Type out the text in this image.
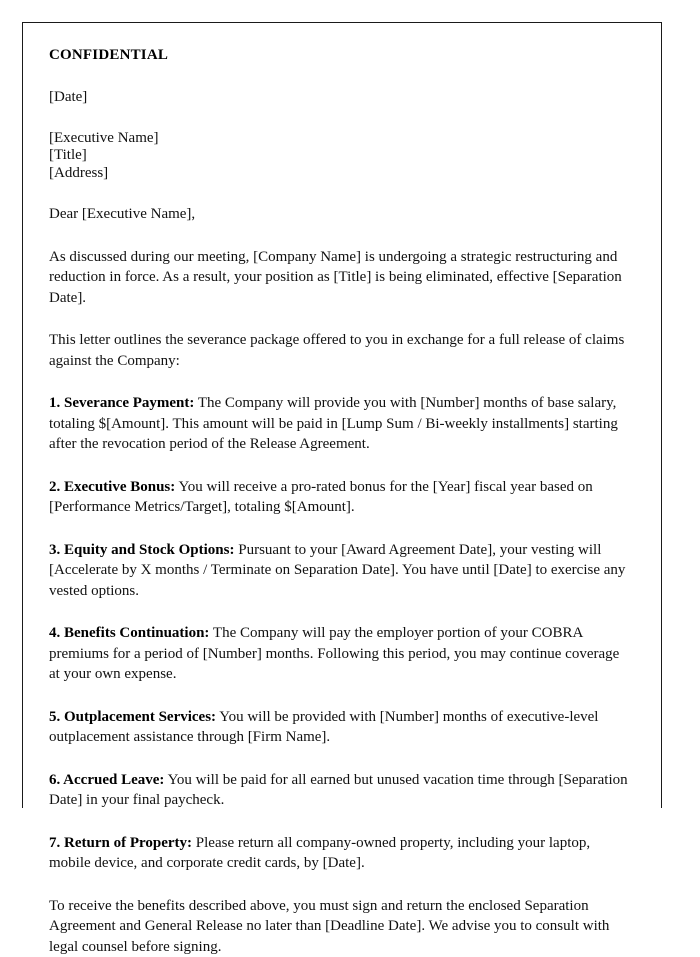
CONFIDENTIAL
[Date]
[Executive Name]
[Title]
[Address]
Dear [Executive Name],
As discussed during our meeting, [Company Name] is undergoing a strategic restructuring and reduction in force. As a result, your position as [Title] is being eliminated, effective [Separation Date].
This letter outlines the severance package offered to you in exchange for a full release of claims against the Company:
1. Severance Payment: The Company will provide you with [Number] months of base salary, totaling $[Amount]. This amount will be paid in [Lump Sum / Bi-weekly installments] starting after the revocation period of the Release Agreement.
2. Executive Bonus: You will receive a pro-rated bonus for the [Year] fiscal year based on [Performance Metrics/Target], totaling $[Amount].
3. Equity and Stock Options: Pursuant to your [Award Agreement Date], your vesting will [Accelerate by X months / Terminate on Separation Date]. You have until [Date] to exercise any vested options.
4. Benefits Continuation: The Company will pay the employer portion of your COBRA premiums for a period of [Number] months. Following this period, you may continue coverage at your own expense.
5. Outplacement Services: You will be provided with [Number] months of executive-level outplacement assistance through [Firm Name].
6. Accrued Leave: You will be paid for all earned but unused vacation time through [Separation Date] in your final paycheck.
7. Return of Property: Please return all company-owned property, including your laptop, mobile device, and corporate credit cards, by [Date].
To receive the benefits described above, you must sign and return the enclosed Separation Agreement and General Release no later than [Deadline Date]. We advise you to consult with legal counsel before signing.
